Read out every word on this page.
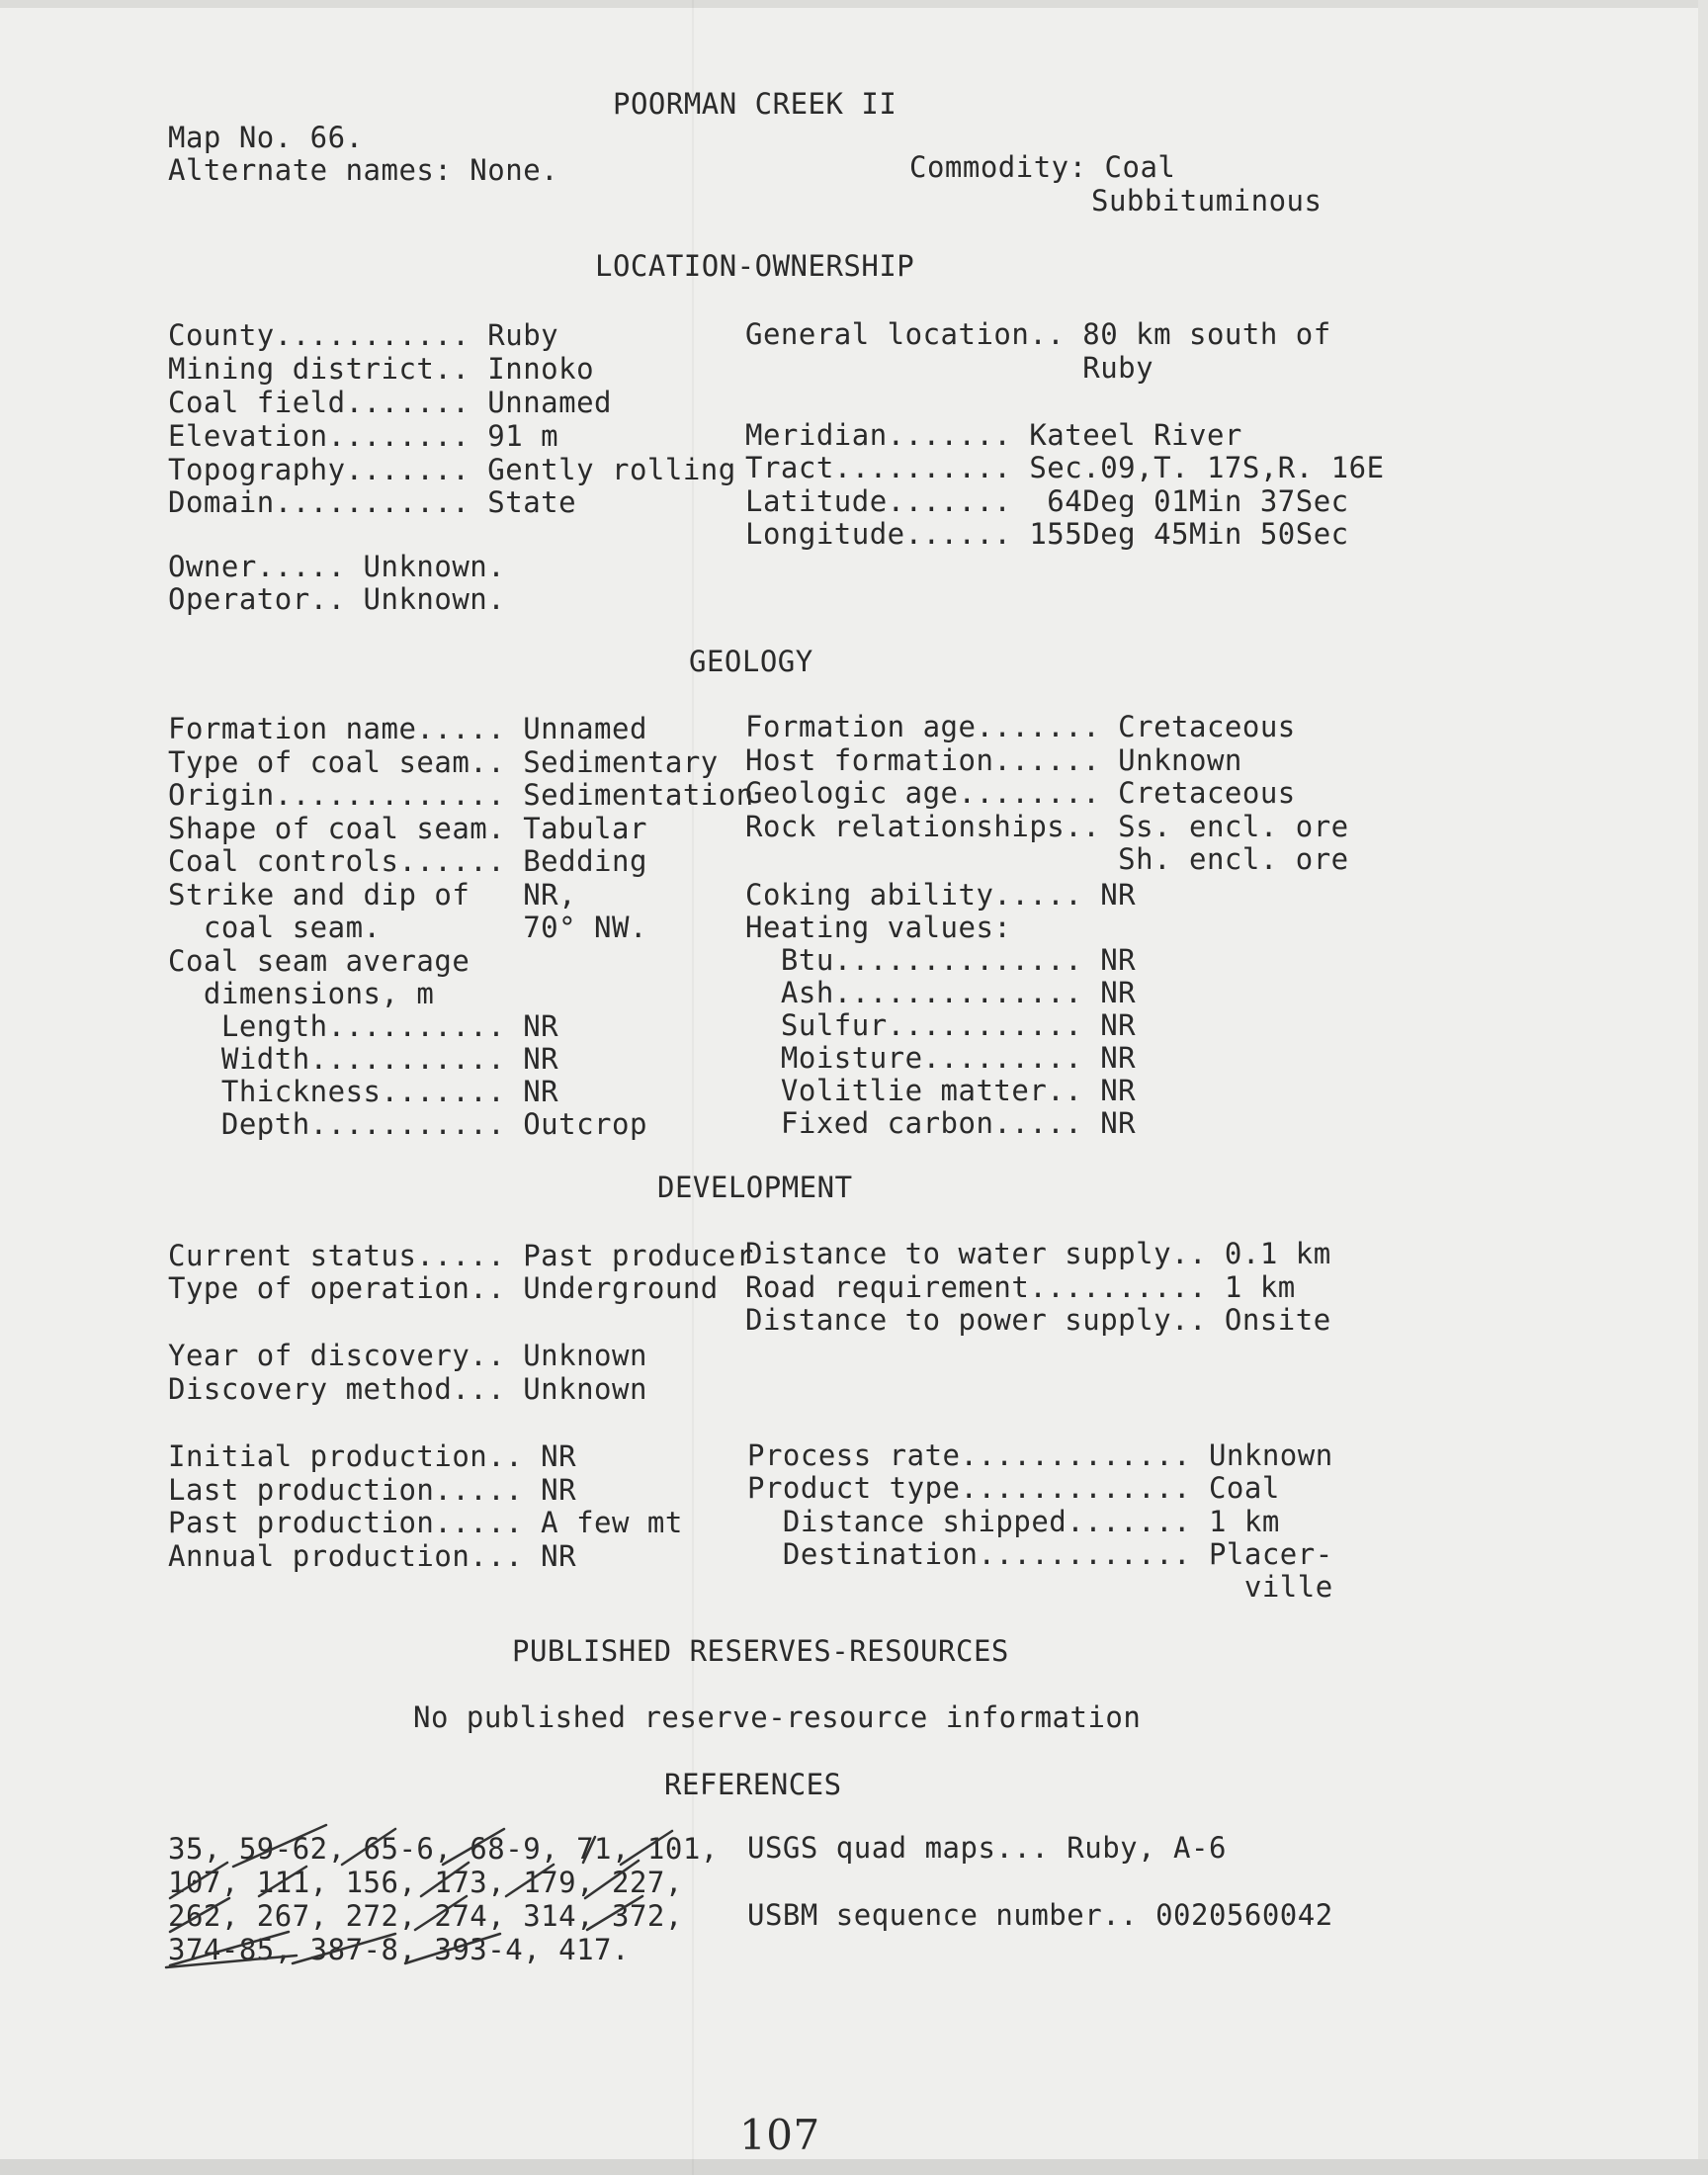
POORMAN CREEK II
Map No. 66.
Alternate names: None.	Commodity: Coal
Subbituminous
LOCATION-OWNERSHIP
County........... Ruby
Mining district.. Innoko
Coal field....... Unnamed
Elevation........ 91 m
Topography....... Gently rolling
Domain........... State
General location.. 80 km south of
Ruby
Meridian....... Kateel River
Tract.......... Sec.09,T. 17S,R. 16E
Latitude.......  64Deg 01Min 37Sec
Longitude...... 155Deg 45Min 50Sec
Owner..... Unknown.
Operator.. Unknown.
GEOLOGY
Formation name..... Unnamed
Type of coal seam.. Sedimentary
Origin............. Sedimentation
Shape of coal seam. Tabular
Coal controls...... Bedding
Strike and dip of   NR,
coal seam.        70° NW.
Coal seam average
dimensions, m
Length.......... NR
Width........... NR
Thickness....... NR
Depth........... Outcrop
Formation age....... Cretaceous
Host formation...... Unknown
Geologic age........ Cretaceous
Rock relationships.. Ss. encl. ore
Sh. encl. ore
Coking ability..... NR
Heating values:
Btu.............. NR
Ash.............. NR
Sulfur........... NR
Moisture......... NR
Volitlie matter.. NR
Fixed carbon..... NR
DEVELOPMENT
Current status..... Past producer
Type of operation.. Underground
Distance to water supply.. 0.1 km
Road requirement.......... 1 km
Distance to power supply.. Onsite
Year of discovery.. Unknown
Discovery method... Unknown
Initial production.. NR
Last production..... NR
Past production..... A few mt
Annual production... NR
Process rate............. Unknown
Product type............. Coal
Distance shipped....... 1 km
Destination............ Placer-
ville
PUBLISHED RESERVES-RESOURCES
No published reserve-resource information
REFERENCES
35, 59-62, 65-6, 68-9, 71, 101,
107, 111, 156, 173, 179, 227,
262, 267, 272, 274, 314, 372,
374-85, 387-8, 393-4, 417.
USGS quad maps... Ruby, A-6
USBM sequence number.. 0020560042
107
